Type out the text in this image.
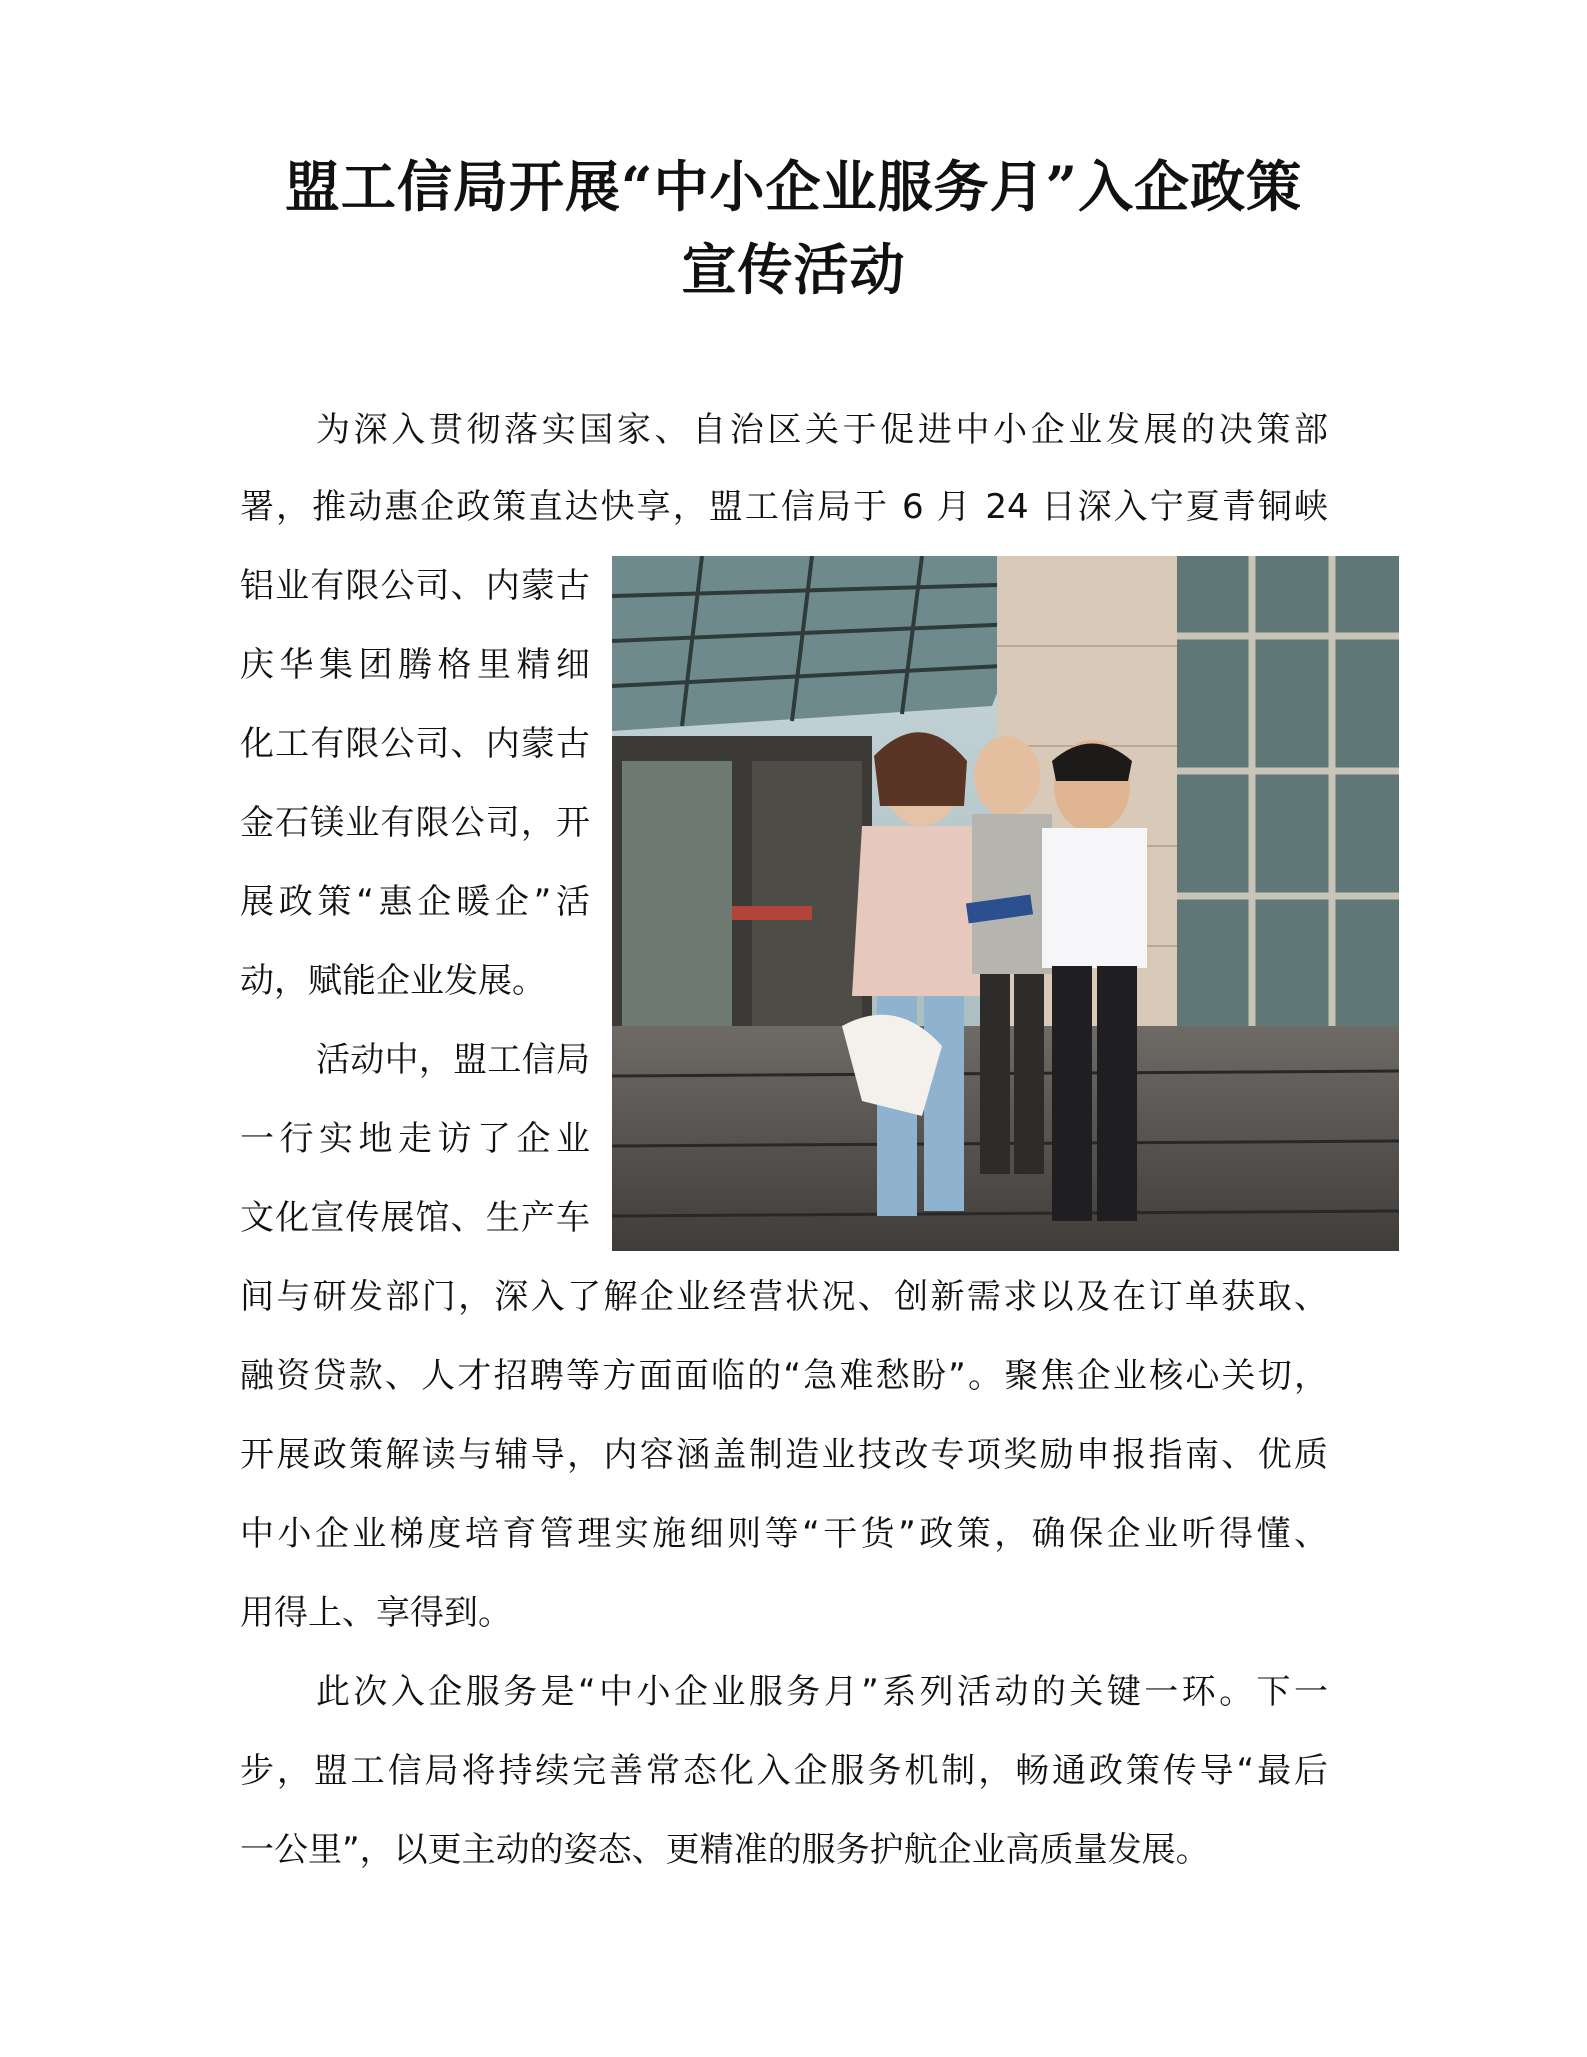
盟工信局开展“中小企业服务月”入企政策
宣传活动
为深入贯彻落实国家、自治区关于促进中小企业发展的决策部
署，推动惠企政策直达快享，盟工信局于 6 月 24 日深入宁夏青铜峡
铝业有限公司、内蒙古
庆华集团腾格里精细
化工有限公司、内蒙古
金石镁业有限公司，开
展政策“惠企暖企”活
动，赋能企业发展。
活动中，盟工信局
一行实地走访了企业
文化宣传展馆、生产车
间与研发部门，深入了解企业经营状况、创新需求以及在订单获取、
融资贷款、人才招聘等方面面临的“急难愁盼”。聚焦企业核心关切，
开展政策解读与辅导，内容涵盖制造业技改专项奖励申报指南、优质
中小企业梯度培育管理实施细则等“干货”政策，确保企业听得懂、
用得上、享得到。
此次入企服务是“中小企业服务月”系列活动的关键一环。下一
步，盟工信局将持续完善常态化入企服务机制，畅通政策传导“最后
一公里”，以更主动的姿态、更精准的服务护航企业高质量发展。
